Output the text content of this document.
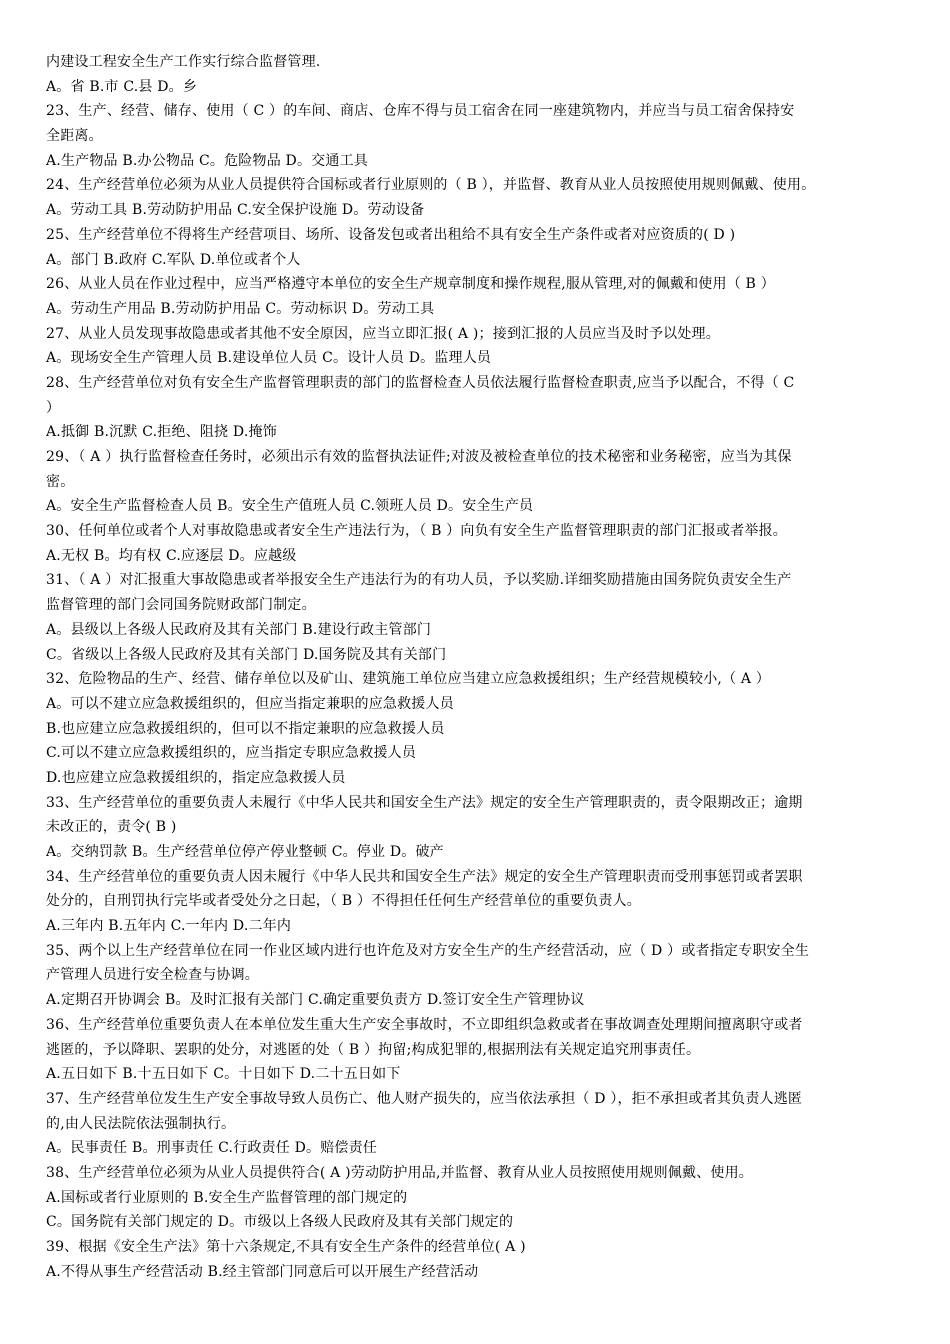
内建设工程安全生产工作实行综合监督管理.
A。省 B.市 C.县 D。乡
23、生产、经营、储存、使用（ C ）的车间、商店、仓库不得与员工宿舍在同一座建筑物内，并应当与员工宿舍保持安
全距离。
A.生产物品 B.办公物品 C。危险物品 D。交通工具
24、生产经营单位必须为从业人员提供符合国标或者行业原则的（ B ），并监督、教育从业人员按照使用规则佩戴、使用。
A。劳动工具 B.劳动防护用品 C.安全保护设施 D。劳动设备
25、生产经营单位不得将生产经营项目、场所、设备发包或者出租给不具有安全生产条件或者对应资质的( D )
A。部门 B.政府 C.军队 D.单位或者个人
26、从业人员在作业过程中，应当严格遵守本单位的安全生产规章制度和操作规程,服从管理,对的佩戴和使用（ B ）
A。劳动生产用品 B.劳动防护用品 C。劳动标识 D。劳动工具
27、从业人员发现事故隐患或者其他不安全原因，应当立即汇报( A )；接到汇报的人员应当及时予以处理。
A。现场安全生产管理人员 B.建设单位人员 C。设计人员 D。监理人员
28、生产经营单位对负有安全生产监督管理职责的部门的监督检查人员依法履行监督检查职责,应当予以配合，不得（ C
）
A.抵御 B.沉默 C.拒绝、阻挠 D.掩饰
29、（ A ）执行监督检查任务时，必须出示有效的监督执法证件;对波及被检查单位的技术秘密和业务秘密，应当为其保
密。
A。安全生产监督检查人员 B。安全生产值班人员 C.领班人员 D。安全生产员
30、任何单位或者个人对事故隐患或者安全生产违法行为，（ B ）向负有安全生产监督管理职责的部门汇报或者举报。
A.无权 B。均有权 C.应逐层 D。应越级
31、（ A ）对汇报重大事故隐患或者举报安全生产违法行为的有功人员，予以奖励.详细奖励措施由国务院负责安全生产
监督管理的部门会同国务院财政部门制定。
A。县级以上各级人民政府及其有关部门 B.建设行政主管部门
C。省级以上各级人民政府及其有关部门 D.国务院及其有关部门
32、危险物品的生产、经营、储存单位以及矿山、建筑施工单位应当建立应急救援组织；生产经营规模较小,（ A ）
A。可以不建立应急救援组织的，但应当指定兼职的应急救援人员
B.也应建立应急救援组织的，但可以不指定兼职的应急救援人员
C.可以不建立应急救援组织的，应当指定专职应急救援人员
D.也应建立应急救援组织的，指定应急救援人员
33、生产经营单位的重要负责人未履行《中华人民共和国安全生产法》规定的安全生产管理职责的，责令限期改正；逾期
未改正的，责令( B )
A。交纳罚款 B。生产经营单位停产停业整顿 C。停业 D。破产
34、生产经营单位的重要负责人因未履行《中华人民共和国安全生产法》规定的安全生产管理职责而受刑事惩罚或者罢职
处分的，自刑罚执行完毕或者受处分之日起，（ B ）不得担任任何生产经营单位的重要负责人。
A.三年内 B.五年内 C.一年内 D.二年内
35、两个以上生产经营单位在同一作业区域内进行也许危及对方安全生产的生产经营活动，应（ D ）或者指定专职安全生
产管理人员进行安全检查与协调。
A.定期召开协调会 B。及时汇报有关部门 C.确定重要负责方 D.签订安全生产管理协议
36、生产经营单位重要负责人在本单位发生重大生产安全事故时，不立即组织急救或者在事故调查处理期间擅离职守或者
逃匿的，予以降职、罢职的处分，对逃匿的处（ B ）拘留;构成犯罪的,根据刑法有关规定追究刑事责任。
A.五日如下 B.十五日如下 C。十日如下 D.二十五日如下
37、生产经营单位发生生产安全事故导致人员伤亡、他人财产损失的，应当依法承担（ D ），拒不承担或者其负责人逃匿
的,由人民法院依法强制执行。
A。民事责任 B。刑事责任 C.行政责任 D。赔偿责任
38、生产经营单位必须为从业人员提供符合( A )劳动防护用品,并监督、教育从业人员按照使用规则佩戴、使用。
A.国标或者行业原则的 B.安全生产监督管理的部门规定的
C。国务院有关部门规定的 D。市级以上各级人民政府及其有关部门规定的
39、根据《安全生产法》第十六条规定,不具有安全生产条件的经营单位( A )
A.不得从事生产经营活动 B.经主管部门同意后可以开展生产经营活动
